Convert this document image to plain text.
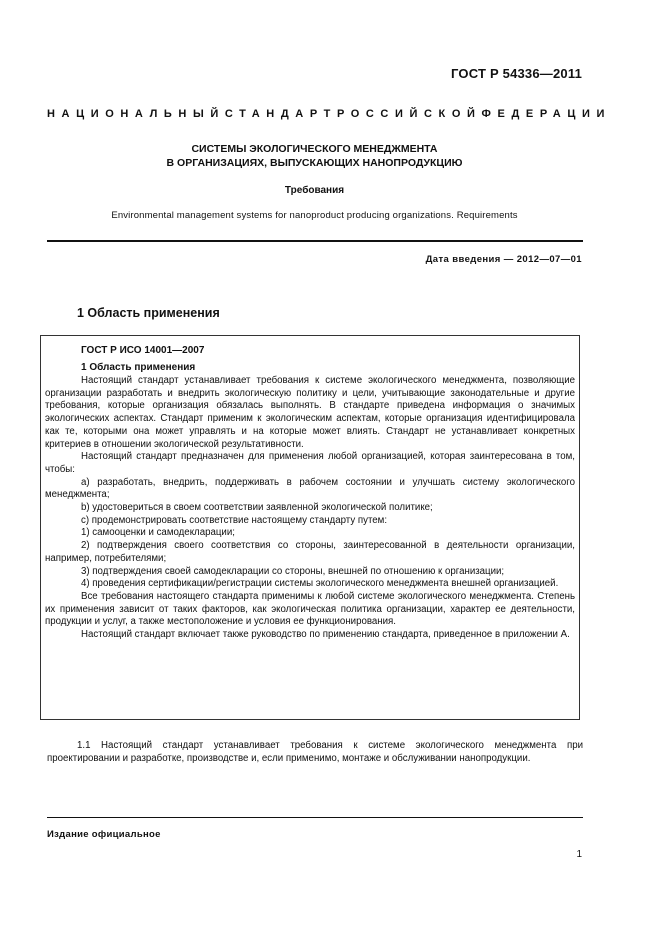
ГОСТ Р 54336—2011
НАЦИОНАЛЬНЫЙ СТАНДАРТ РОССИЙСКОЙ ФЕДЕРАЦИИ
СИСТЕМЫ ЭКОЛОГИЧЕСКОГО МЕНЕДЖМЕНТА
В ОРГАНИЗАЦИЯХ, ВЫПУСКАЮЩИХ НАНОПРОДУКЦИЮ
Требования
Environmental management systems for nanoproduct producing organizations. Requirements
Дата введения — 2012—07—01
1 Область применения
ГОСТ Р ИСО 14001—2007
1 Область применения

Настоящий стандарт устанавливает требования к системе экологического менеджмента, позволяющие организации разработать и внедрить экологическую политику и цели, учитывающие законодательные и другие требования, которые организация обязалась выполнять. В стандарте приведена информация о значимых экологических аспектах. Стандарт применим к экологическим аспектам, которые организация идентифицировала как те, которыми она может управлять и на которые может влиять. Стандарт не устанавливает конкретных критериев в отношении экологической результативности.

Настоящий стандарт предназначен для применения любой организацией, которая заинтересована в том, чтобы:

a) разработать, внедрить, поддерживать в рабочем состоянии и улучшать систему экологического менеджмента;

b) удостовериться в своем соответствии заявленной экологической политике;

c) продемонстрировать соответствие настоящему стандарту путем:

1) самооценки и самодекларации;

2) подтверждения своего соответствия со стороны, заинтересованной в деятельности организации, например, потребителями;

3) подтверждения своей самодекларации со стороны, внешней по отношению к организации;

4) проведения сертификации/регистрации системы экологического менеджмента внешней организацией.

Все требования настоящего стандарта применимы к любой системе экологического менеджмента. Степень их применения зависит от таких факторов, как экологическая политика организации, характер ее деятельности, продукции и услуг, а также местоположение и условия ее функционирования.

Настоящий стандарт включает также руководство по применению стандарта, приведенное в приложении А.

1.1 Настоящий стандарт устанавливает требования к системе экологического менеджмента при проектировании и разработке, производстве и, если применимо, монтаже и обслуживании нанопродукции.

Издание официальное
1
